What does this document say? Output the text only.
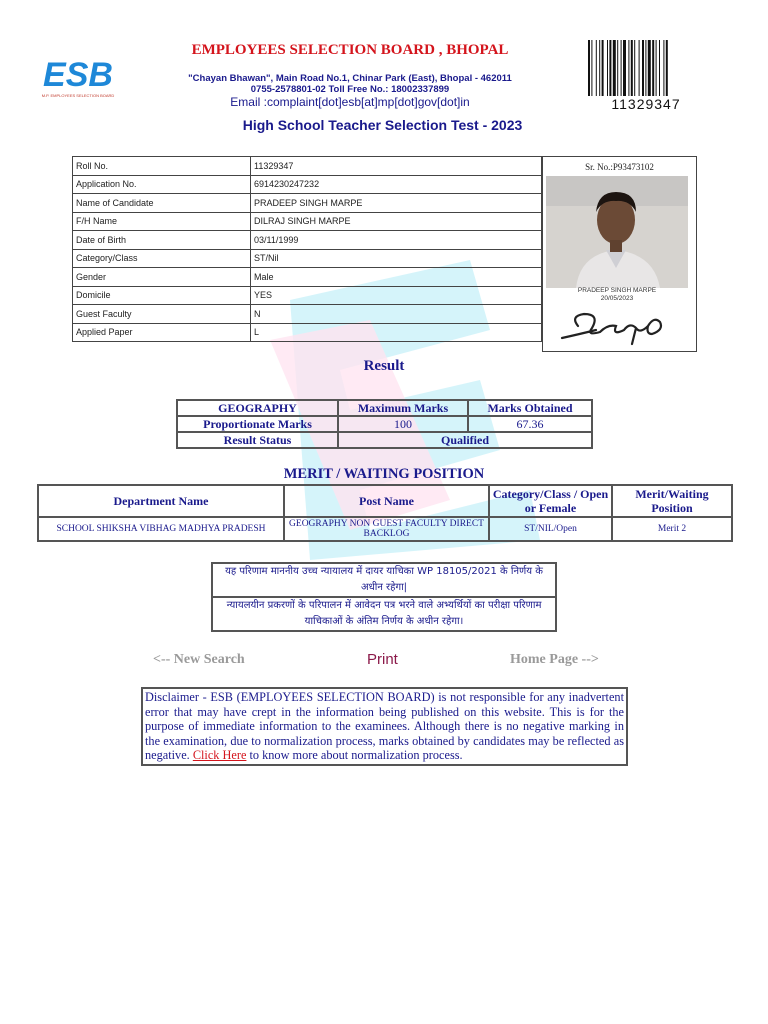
ESB
M.P. EMPLOYEES SELECTION BOARD
EMPLOYEES SELECTION BOARD , BHOPAL
"Chayan Bhawan", Main Road No.1, Chinar Park (East), Bhopal - 462011
0755-2578801-02 Toll Free No.: 18002337899
Email :complaint[dot]esb[at]mp[dot]gov[dot]in
High School Teacher Selection Test - 2023
11329347
Roll No.	11329347
Application No.	6914230247232
Name of Candidate	PRADEEP SINGH MARPE
F/H Name	DILRAJ SINGH MARPE
Date of Birth	03/11/1999
Category/Class	ST/Nil
Gender	Male
Domicile	YES
Guest Faculty	N
Applied Paper	L
Sr. No.:P93473102
PRADEEP SINGH MARPE
20/05/2023
Result
GEOGRAPHY	Maximum Marks	Marks Obtained
Proportionate Marks	100	67.36
Result Status	Qualified	
MERIT / WAITING POSITION
Department Name	Post Name	Category/Class / Open or Female	Merit/Waiting Position
SCHOOL SHIKSHA VIBHAG MADHYA PRADESH	GEOGRAPHY NON GUEST FACULTY DIRECT BACKLOG	ST/NIL/Open	Merit 2
यह परिणाम माननीय उच्च न्यायालय में दायर याचिका WP 18105/2021 के निर्णय के अधीन रहेगा|
न्यायलयीन प्रकरणों के परिपालन में आवेदन पत्र भरने वाले अभ्यर्थियों का परीक्षा परिणाम याचिकाओं के अंतिम निर्णय के अधीन रहेगा।
<-- New Search	Print	Home Page -->
Disclaimer - ESB (EMPLOYEES SELECTION BOARD) is not responsible for any inadvertent error that may have crept in the information being published on this website. This is for the purpose of immediate information to the examinees. Although there is no negative marking in the examination, due to normalization process, marks obtained by candidates may be reflected as negative. Click Here to know more about normalization process.
